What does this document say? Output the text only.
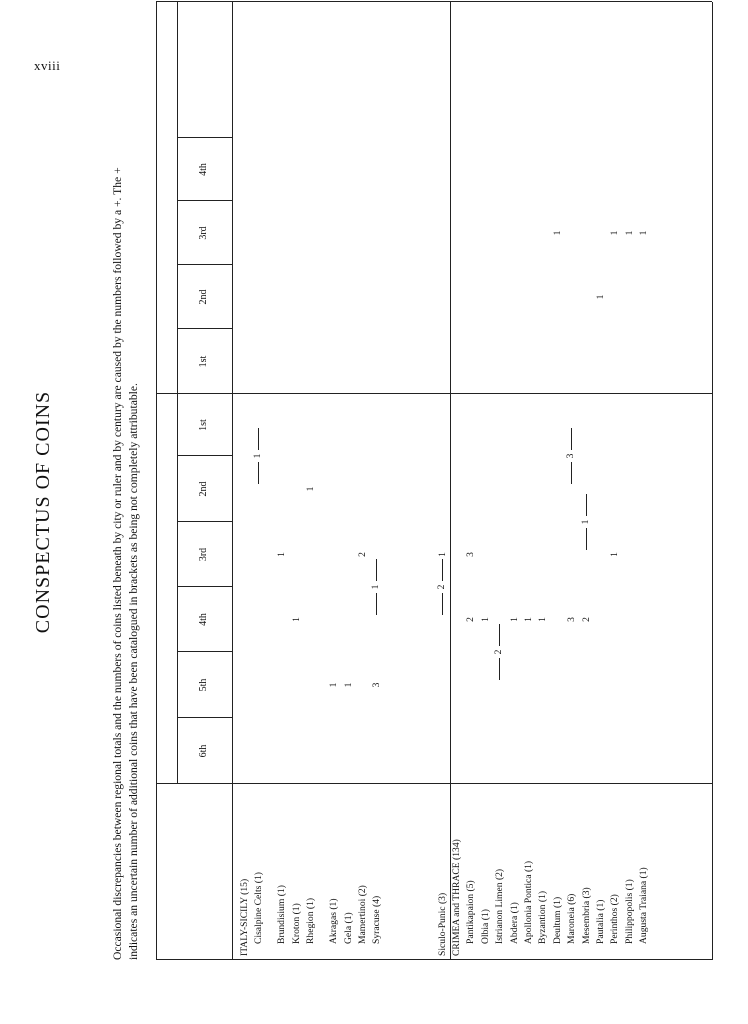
xviii
CONSPECTUS OF COINS	Occasional discrepancies between regional totals and the numbers of coins listed beneath by city or ruler and by century are caused by the numbers followed by a +. The + indicates an uncertain number of additional coins that have been catalogued in brackets as being not completely attributable.	6th
5th
4th
3rd
2nd
1st
1st
2nd
3rd
4th
ITALY-SICILY (15) Cisalpine Celts (1)
1
Brundisium (1)
1
Kroton (1)
1
Rhegion (1)
1
Akragas (1)
1
Gela (1)
1
Mamertinoi (2)
2
Syracuse (4)
3
1
Siculo-Punic (3)
1
2
CRIMEA and THRACE (134) Pantikapaion (5)
2
3
Olbia (1)
1
Istrianon Limen (2)
2
Abdera (1)
1
Apollonia Pontica (1)
1
Byzantion (1)
1
Deultum (1)
1
Maroneia (6)
3
3
Mesembria (3)
2
1
Pautalia (1)
1
Perinthos (2)
1
1
Philippopolis (1)
1
Augusta Traiana (1)
1
